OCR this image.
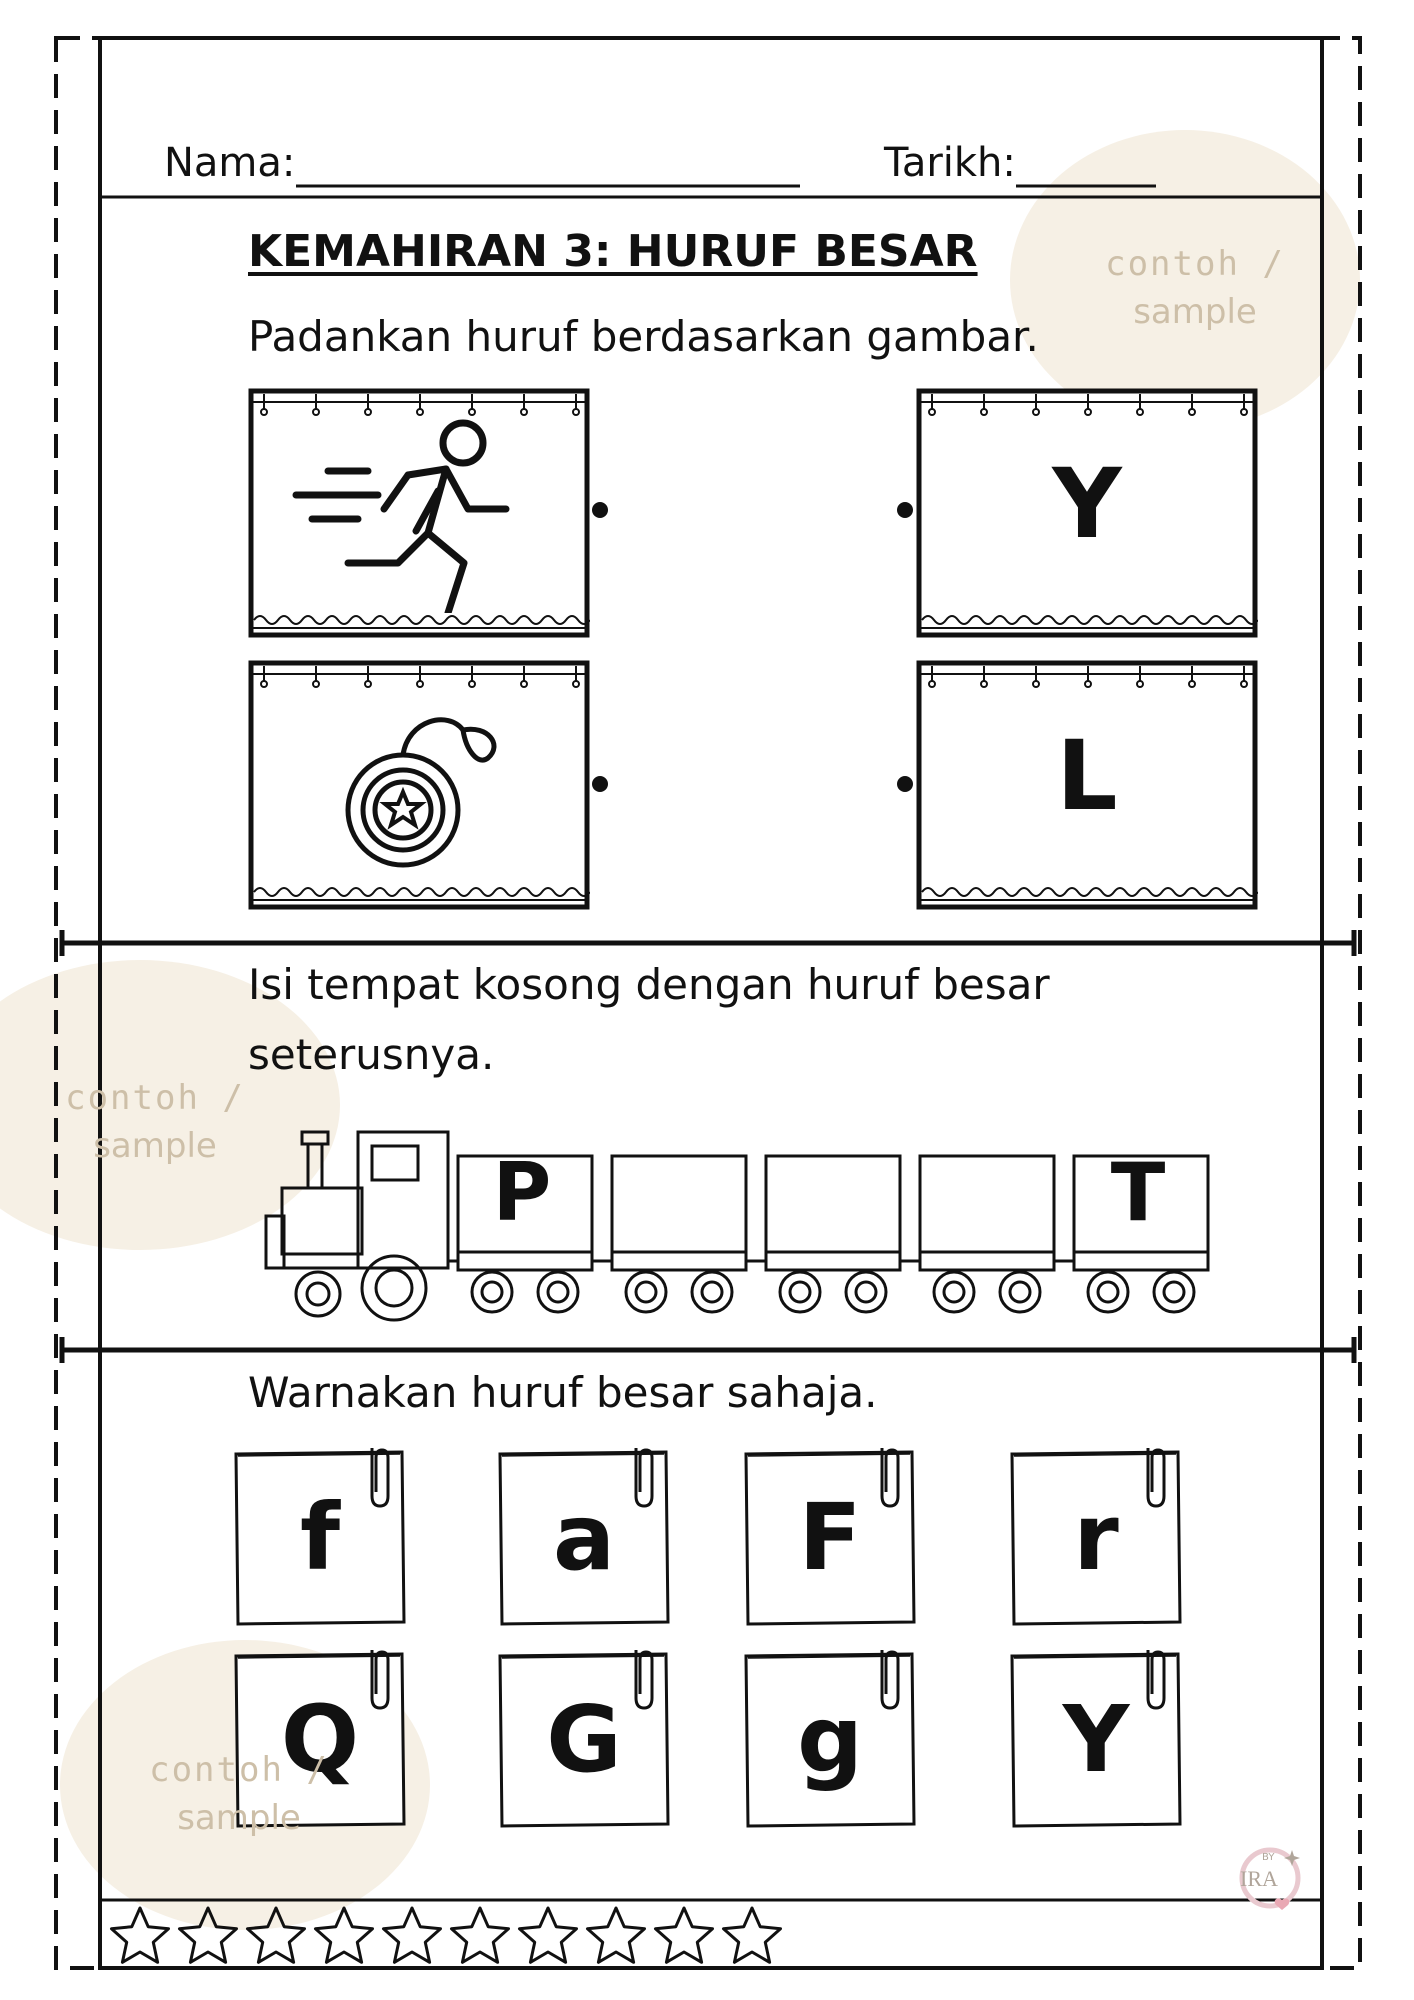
Nama:	Tarikh:
KEMAHIRAN 3: HURUF BESAR
Padankan huruf berdasarkan gambar.
Y
L
Isi tempat kosong dengan huruf besar
seterusnya.
P	T
Warnakan huruf besar sahaja.
f	a	F	r
Q	G	g	Y
contoh /
sample
contoh /
sample
contoh /
sample
BY
IRA
